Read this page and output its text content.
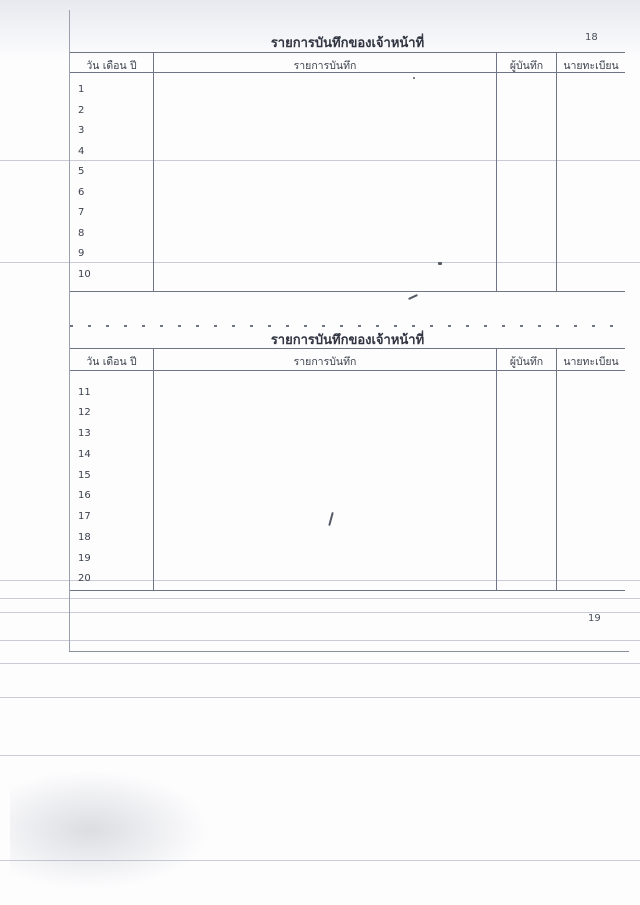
รายการบันทึกของเจ้าหน้าที่	18
วัน เดือน ปี	รายการบันทึก	ผู้บันทึก	นายทะเบียน
1
2
3
4
5
6
7
8
9
10
รายการบันทึกของเจ้าหน้าที่
19
วัน เดือน ปี	รายการบันทึก	ผู้บันทึก	นายทะเบียน
11
12
13
14
15
16
17
18
19
20
